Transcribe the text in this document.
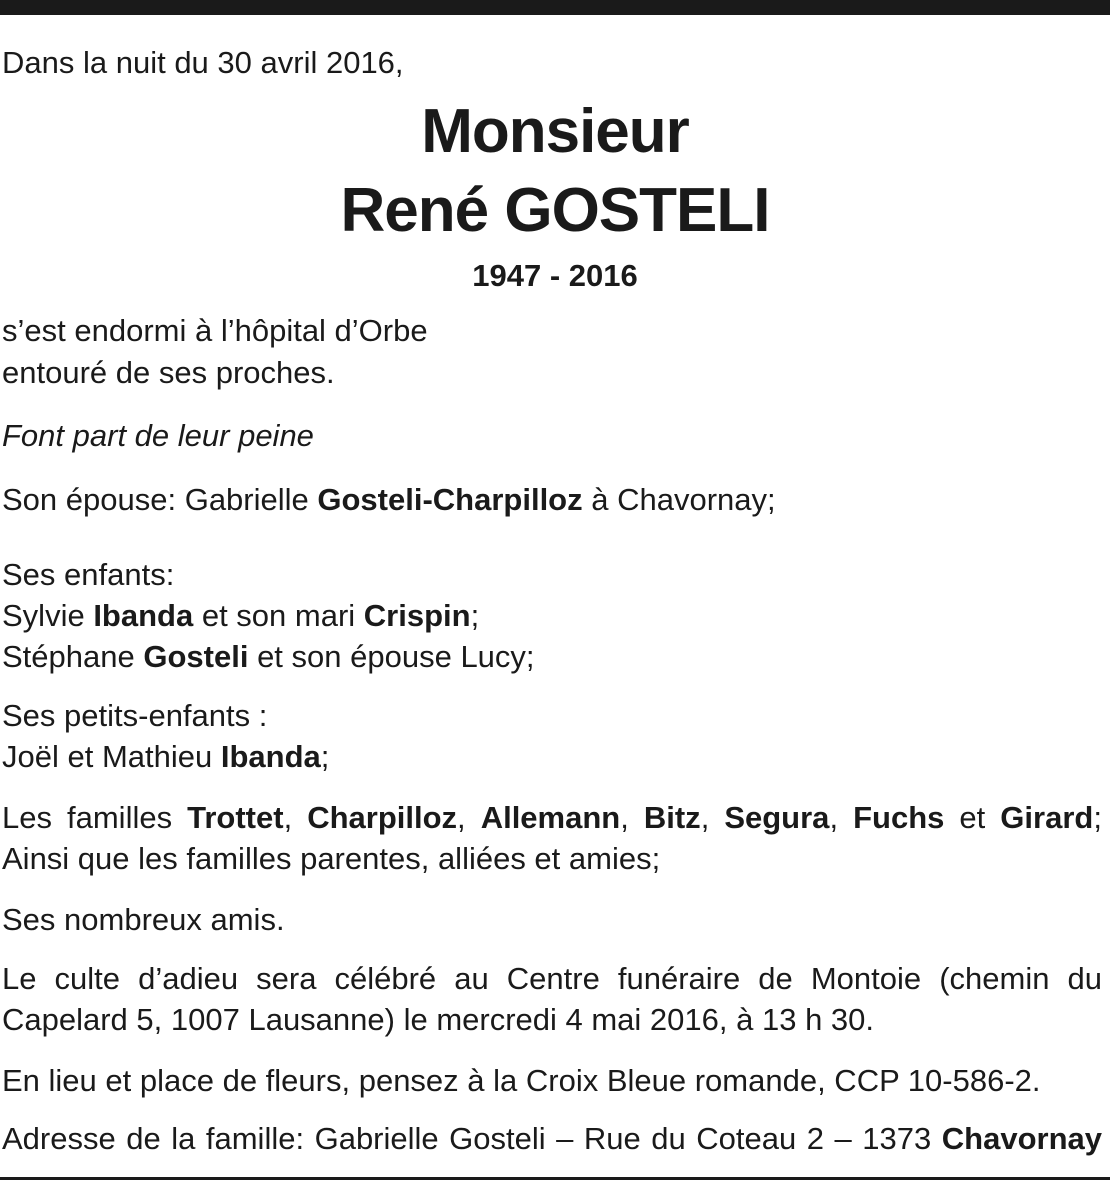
Dans la nuit du 30 avril 2016,
Monsieur
René GOSTELI
1947 - 2016
s’est endormi à l’hôpital d’Orbe
entouré de ses proches.
Font part de leur peine
Son épouse: Gabrielle Gosteli-Charpilloz à Chavornay;
Ses enfants:
Sylvie Ibanda et son mari Crispin;
Stéphane Gosteli et son épouse Lucy;
Ses petits-enfants :
Joël et Mathieu Ibanda;
Les familles Trottet, Charpilloz, Allemann, Bitz, Segura, Fuchs et Girard;
Ainsi que les familles parentes, alliées et amies;
Ses nombreux amis.
Le culte d’adieu sera célébré au Centre funéraire de Montoie (chemin du
Capelard 5, 1007 Lausanne) le mercredi 4 mai 2016, à 13 h 30.
En lieu et place de fleurs, pensez à la Croix Bleue romande, CCP 10-586-2.
Adresse de la famille: Gabrielle Gosteli – Rue du Coteau 2 – 1373 Chavornay
